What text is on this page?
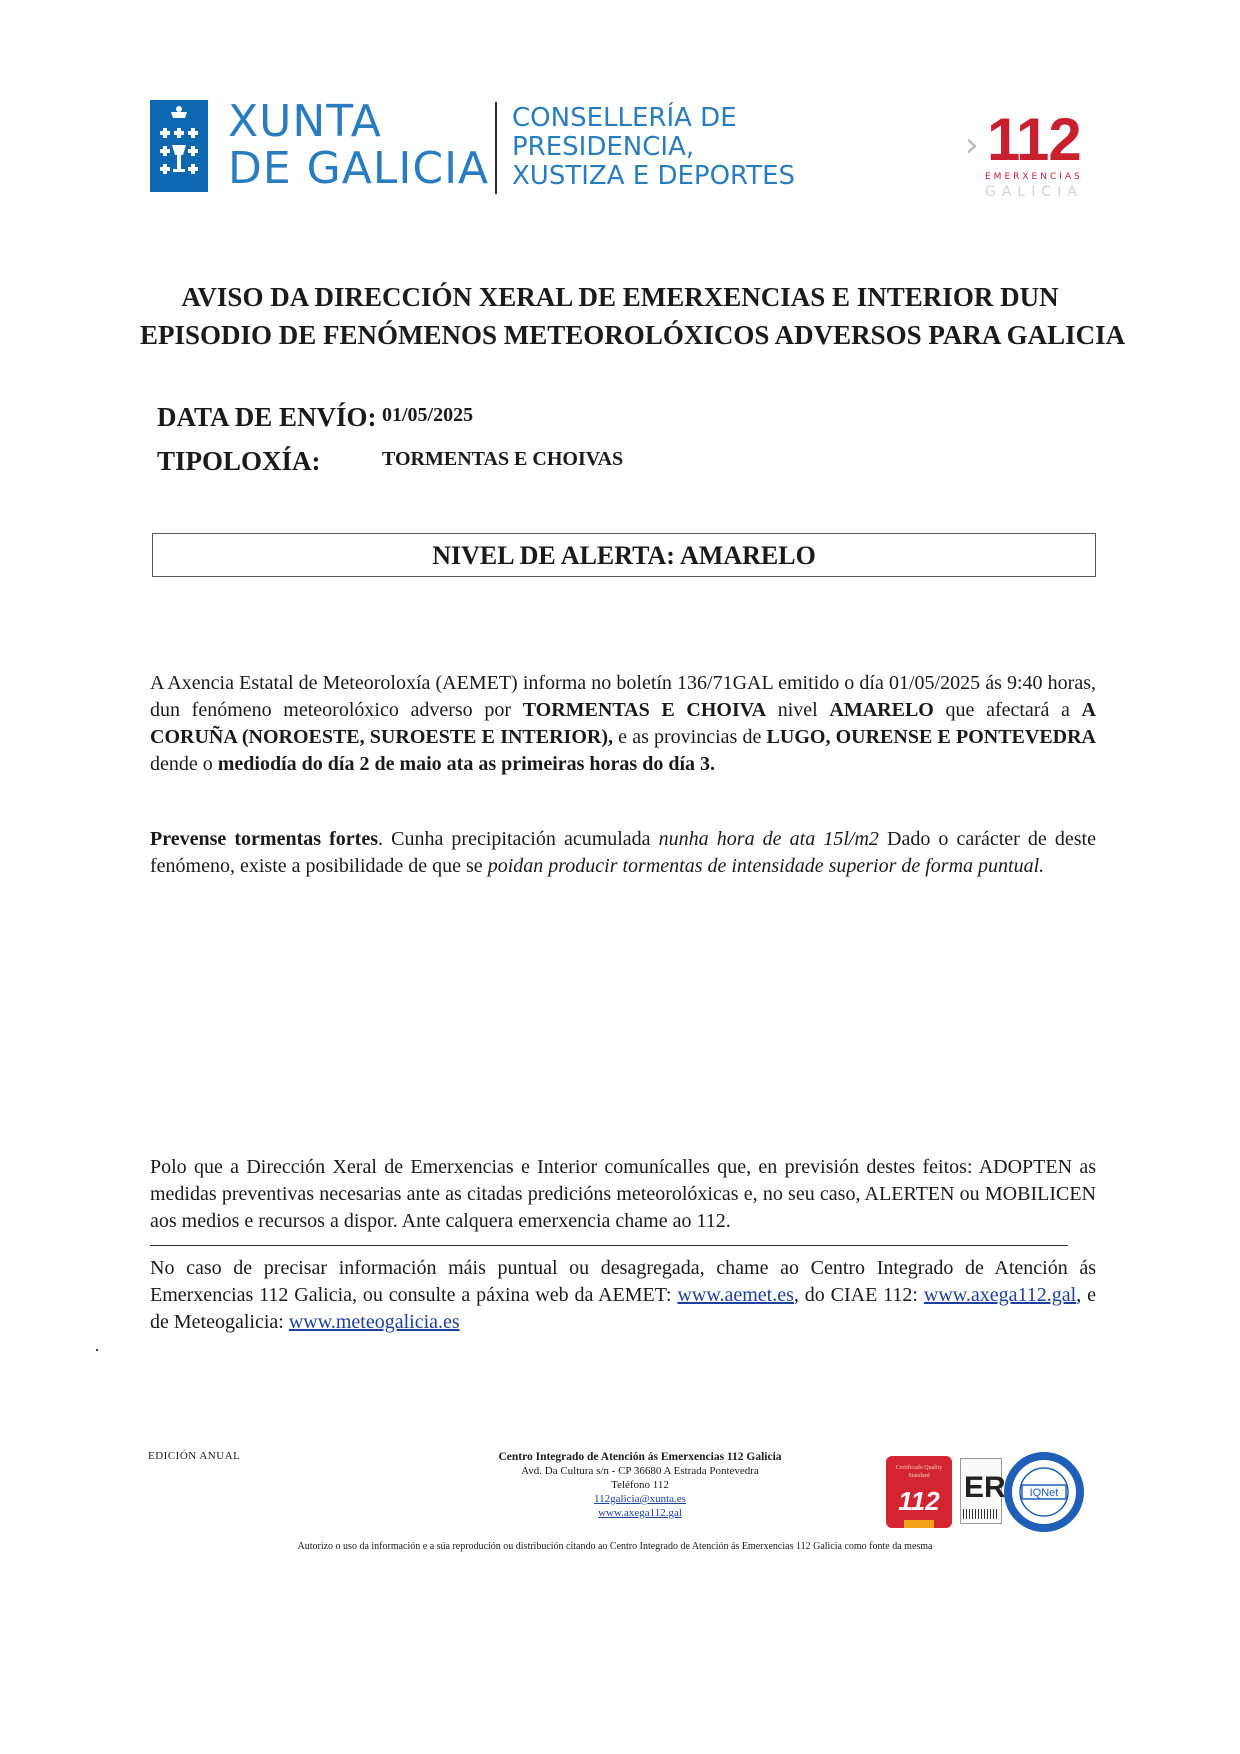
XUNTA
DE GALICIA
CONSELLERÍA DE
PRESIDENCIA,
XUSTIZA E DEPORTES
› 112
EMERXENCIAS
GALICIA
AVISO DA DIRECCIÓN XERAL DE EMERXENCIAS E INTERIOR DUN
EPISODIO DE FENÓMENOS METEOROLÓXICOS ADVERSOS PARA GALICIA
DATA DE ENVÍO: 01/05/2025
TIPOLOXÍA:	TORMENTAS E CHOIVAS
NIVEL DE ALERTA: AMARELO
A Axencia Estatal de Meteoroloxía (AEMET) informa no boletín 136/71GAL emitido o día 01/05/2025 ás 9:40 horas, dun fenómeno meteorolóxico adverso por TORMENTAS E CHOIVA nivel AMARELO que afectará a A CORUÑA (NOROESTE, SUROESTE E INTERIOR), e as provincias de LUGO, OURENSE E PONTEVEDRA dende o mediodía do día 2 de maio ata as primeiras horas do día 3.
Prevense tormentas fortes. Cunha precipitación acumulada nunha hora de ata 15l/m2 Dado o carácter de deste fenómeno, existe a posibilidade de que se poidan producir tormentas de intensidade superior de forma puntual.
Polo que a Dirección Xeral de Emerxencias e Interior comunícalles que, en previsión destes feitos: ADOPTEN as medidas preventivas necesarias ante as citadas predicións meteorolóxicas e, no seu caso, ALERTEN ou MOBILICEN aos medios e recursos a dispor. Ante calquera emerxencia chame ao 112.
No caso de precisar información máis puntual ou desagregada, chame ao Centro Integrado de Atención ás Emerxencias 112 Galicia, ou consulte a páxina web da AEMET: www.aemet.es, do CIAE 112: www.axega112.gal, e de Meteogalicia: www.meteogalicia.es
EDICIÓN ANUAL	Centro Integrado de Atención ás Emerxencias 112 Galicia
Avd. Da Cultura s/n - CP 36680 A Estrada Pontevedra
Teléfono 112
112galicia@xunta.es
www.axega112.gal
Certificado Quality Standard
112 ER IQNet
Autorizo o uso da información e a súa reprodución ou distribución citando ao Centro Integrado de Atención ás Emerxencias 112 Galicia como fonte da mesma
